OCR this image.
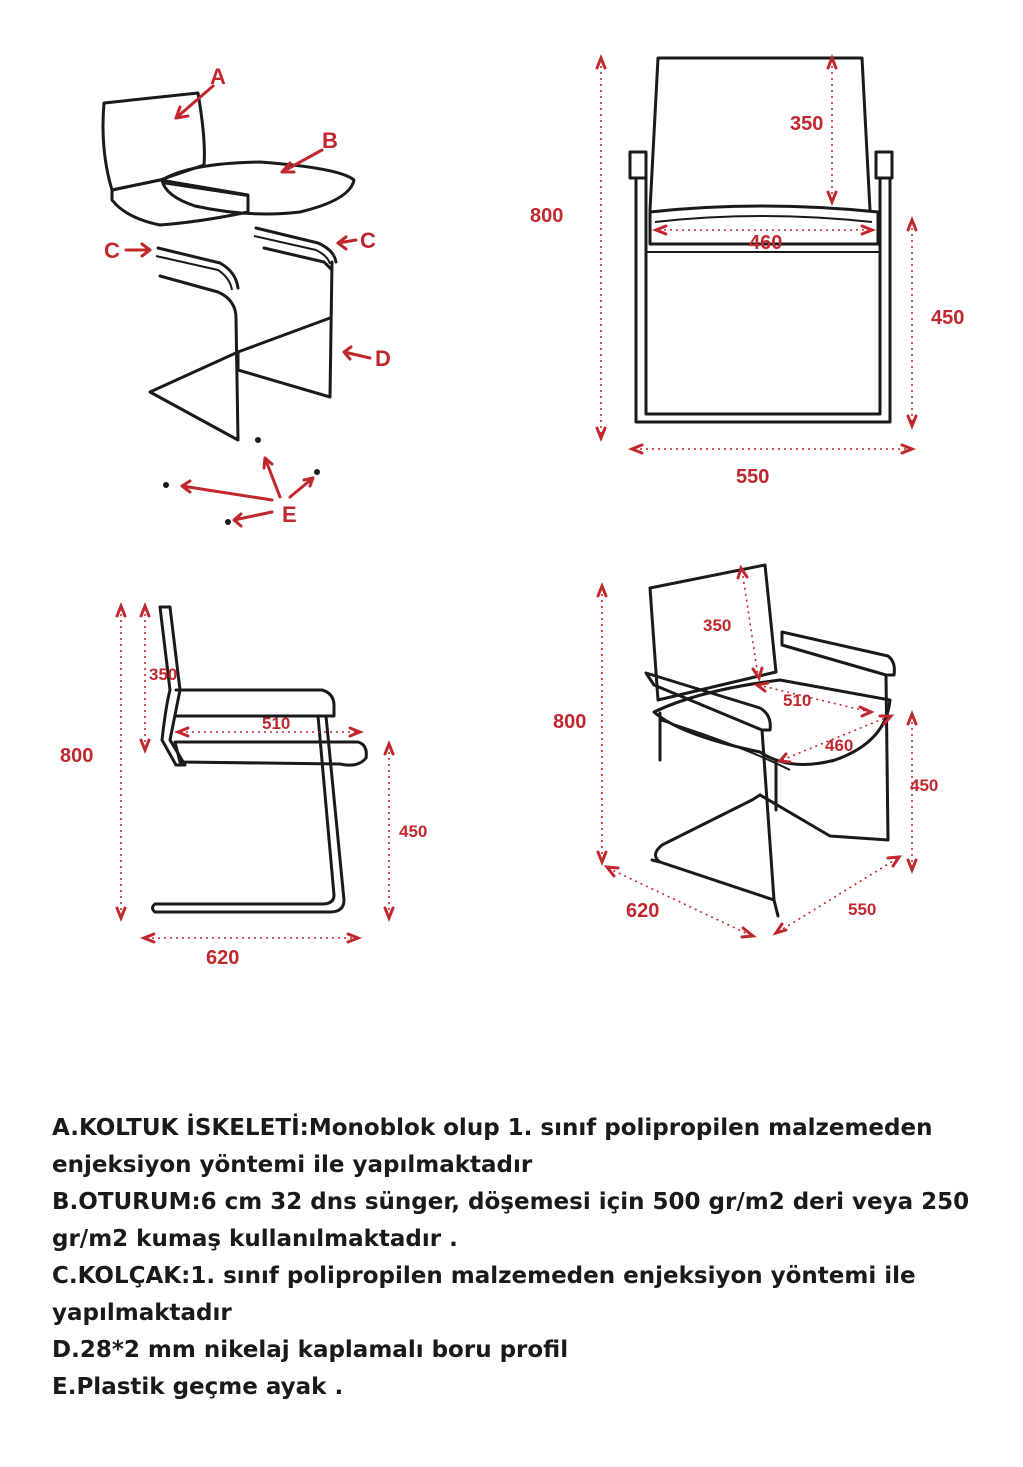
A
B
C	C
D
E
350
460
800
450
550
350
510
800
450
620
350
510
460
800
450
620	550

A.KOLTUK İSKELETİ:Monoblok olup 1. sınıf polipropilen malzemeden

enjeksiyon yöntemi ile yapılmaktadır

B.OTURUM:6 cm 32 dns sünger, döşemesi için 500 gr/m2 deri veya 250

gr/m2 kumaş kullanılmaktadır .

C.KOLÇAK:1. sınıf polipropilen malzemeden enjeksiyon yöntemi ile

yapılmaktadır

D.28*2 mm nikelaj kaplamalı boru profil

E.Plastik geçme ayak .
